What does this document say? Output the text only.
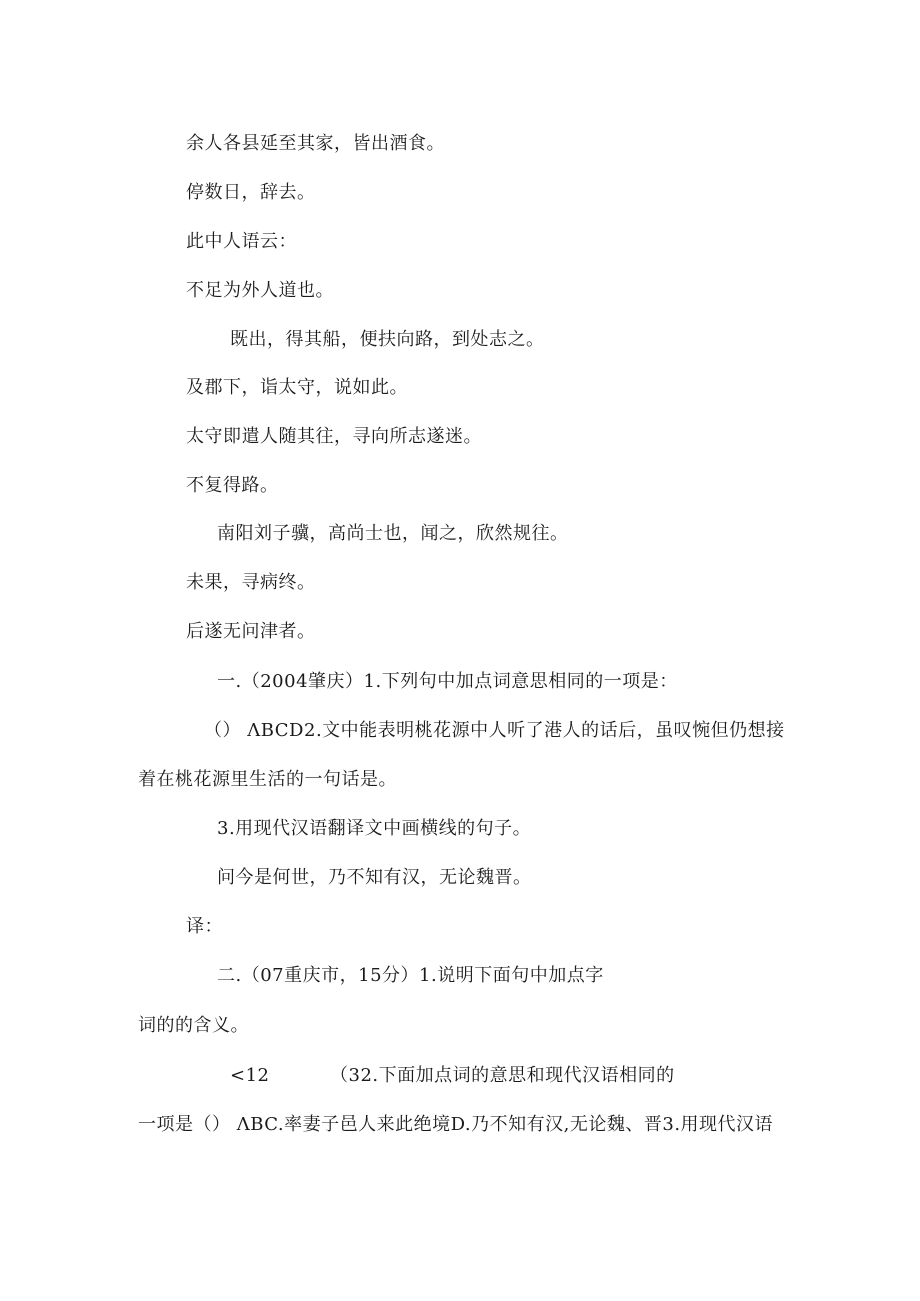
余人各县延至其家，皆出酒食。
停数日，辞去。
此中人语云：
不足为外人道也。
既出，得其船，便扶向路，到处志之。
及郡下，诣太守，说如此。
太守即遣人随其往，寻向所志遂迷。
不复得路。
南阳刘子骥，高尚士也，闻之，欣然规往。
未果，寻病终。
后遂无问津者。
一.（2004肇庆）1.下列句中加点词意思相同的一项是：
（） ΛBCD2.文中能表明桃花源中人听了港人的话后，虽叹惋但仍想接
着在桃花源里生活的一句话是。
3.用现代汉语翻译文中画横线的句子。
问今是何世，乃不知有汉，无论魏晋。
译：
二.（07重庆市，15分）1.说明下面句中加点字
词的的含义。
<12	（32.下面加点词的意思和现代汉语相同的
一项是（） ΛBC.率妻子邑人来此绝境D.乃不知有汉,无论魏、晋3.用现代汉语
